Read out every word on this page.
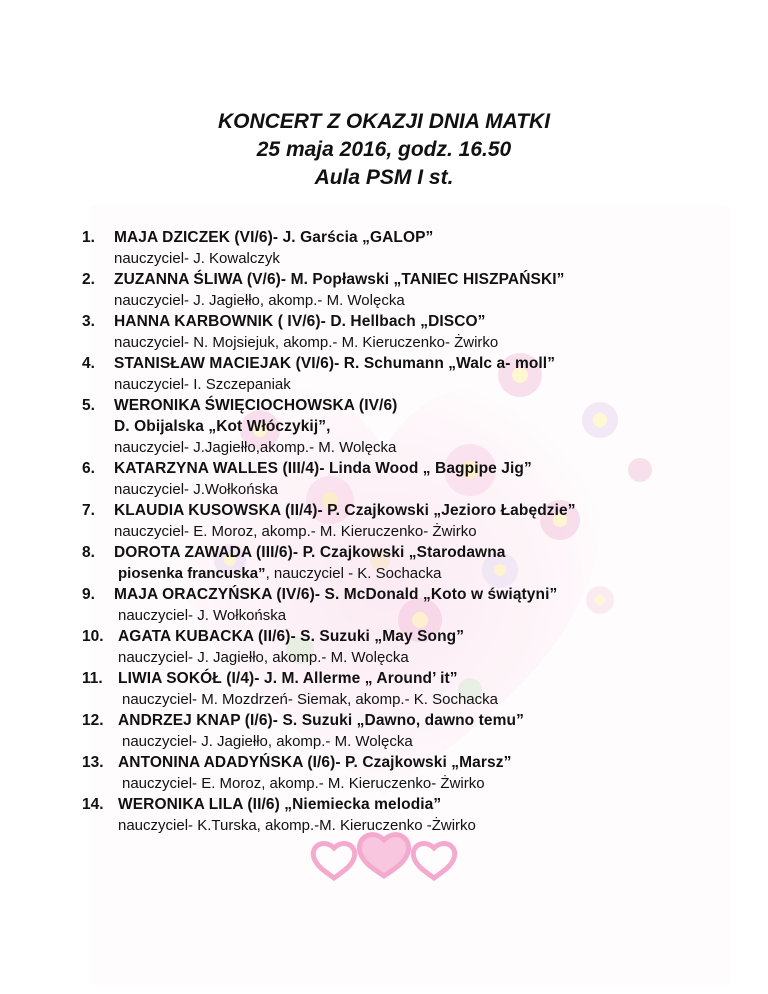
KONCERT Z OKAZJI DNIA MATKI
25 maja 2016, godz. 16.50
Aula PSM I st.
1.	MAJA DZICZEK (VI/6)- J. Garścia „GALOP”
nauczyciel- J. Kowalczyk
2.	ZUZANNA ŚLIWA (V/6)- M. Popławski „TANIEC HISZPAŃSKI”
nauczyciel- J. Jagiełło, akomp.- M. Wolęcka
3.	HANNA KARBOWNIK ( IV/6)- D. Hellbach „DISCO”
nauczyciel- N. Mojsiejuk, akomp.- M. Kieruczenko- Żwirko
4.	STANISŁAW MACIEJAK (VI/6)- R. Schumann „Walc a- moll”
nauczyciel- I. Szczepaniak
5.	WERONIKA ŚWIĘCIOCHOWSKA (IV/6)
D. Obijalska „Kot Włóczykij”,
nauczyciel- J.Jagiełło,akomp.- M. Wolęcka
6.	KATARZYNA WALLES (III/4)- Linda Wood „ Bagpipe Jig”
nauczyciel- J.Wołkońska
7.	KLAUDIA KUSOWSKA (II/4)- P. Czajkowski „Jezioro Łabędzie”
nauczyciel- E. Moroz, akomp.- M. Kieruczenko- Żwirko
8.	DOROTA ZAWADA (III/6)- P. Czajkowski „Starodawna
piosenka francuska”, nauczyciel - K. Sochacka
9.	MAJA ORACZYŃSKA (IV/6)- S. McDonald „Koto w świątyni”
nauczyciel- J. Wołkońska
10. AGATA KUBACKA (II/6)- S. Suzuki „May Song”
nauczyciel- J. Jagiełło, akomp.- M. Wolęcka
11. LIWIA SOKÓŁ (I/4)- J. M. Allerme „ Around’ it”
nauczyciel- M. Mozdrzeń- Siemak, akomp.- K. Sochacka
12. ANDRZEJ KNAP (I/6)- S. Suzuki „Dawno, dawno temu”
nauczyciel- J. Jagiełło, akomp.- M. Wolęcka
13. ANTONINA ADADYŃSKA (I/6)- P. Czajkowski „Marsz”
nauczyciel- E. Moroz, akomp.- M. Kieruczenko- Żwirko
14. WERONIKA LILA (II/6) „Niemiecka melodia”
nauczyciel- K.Turska, akomp.-M. Kieruczenko -Żwirko
